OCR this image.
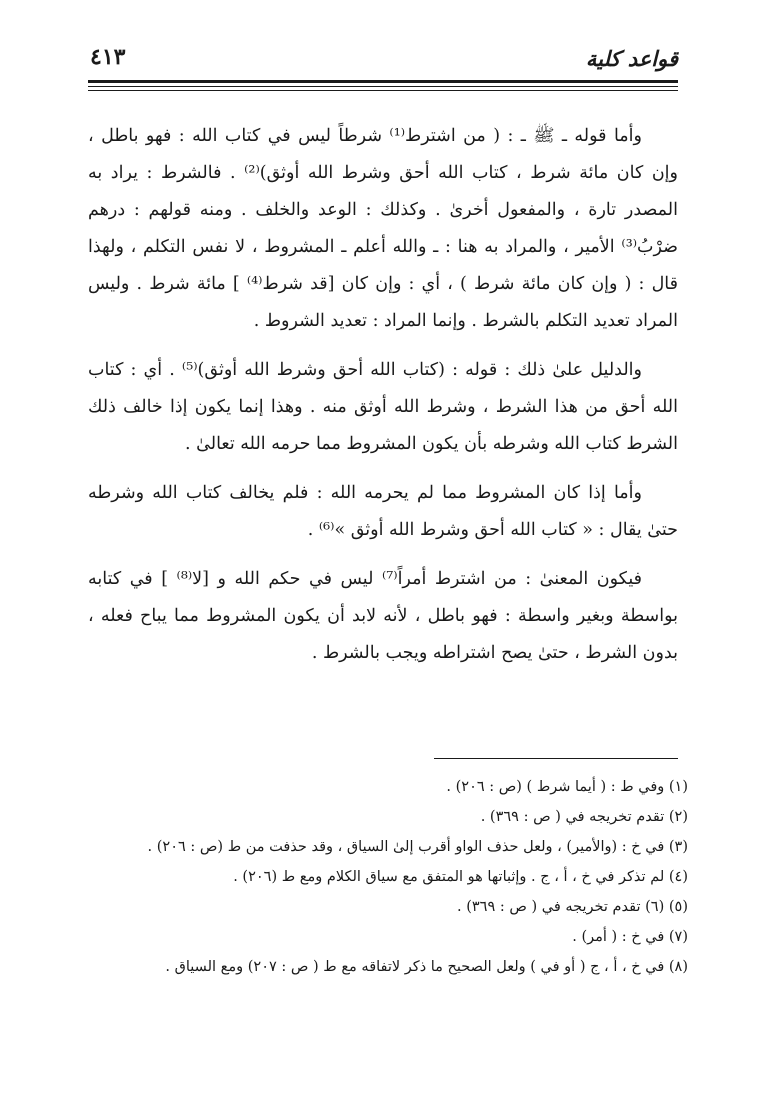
قواعد كلية
٤١٣

وأما قوله ـ ﷺ ـ : ( من اشترط⁽¹⁾ شرطاً ليس في كتاب الله : فهو باطل ، وإن كان مائة شرط ، كتاب الله أحق وشرط الله أوثق)⁽²⁾ . فالشرط : يراد به المصدر تارة ، والمفعول أخرىٰ . وكذلك : الوعد والخلف . ومنه قولهم : درهم ضرْبُ⁽³⁾ الأمير ، والمراد به هنا : ـ والله أعلم ـ المشروط ، لا نفس التكلم ، ولهذا قال : ( وإن كان مائة شرط ) ، أي : وإن كان [قد شرط⁽⁴⁾ ] مائة شرط . وليس المراد تعديد التكلم بالشرط . وإنما المراد : تعديد الشروط .

والدليل علىٰ ذلك : قوله : (كتاب الله أحق وشرط الله أوثق)⁽⁵⁾ . أي : كتاب الله أحق من هذا الشرط ، وشرط الله أوثق منه . وهذا إنما يكون إذا خالف ذلك الشرط كتاب الله وشرطه بأن يكون المشروط مما حرمه الله تعالىٰ .

وأما إذا كان المشروط مما لم يحرمه الله : فلم يخالف كتاب الله وشرطه حتىٰ يقال : « كتاب الله أحق وشرط الله أوثق »⁽⁶⁾ .

فيكون المعنىٰ : من اشترط أمراً⁽⁷⁾ ليس في حكم الله و [لا⁽⁸⁾ ] في كتابه بواسطة وبغير واسطة : فهو باطل ، لأنه لابد أن يكون المشروط مما يباح فعله ، بدون الشرط ، حتىٰ يصح اشتراطه ويجب بالشرط .

(١) وفي ط : ( أيما شرط ) (ص : ٢٠٦) .

(٢) تقدم تخريجه في ( ص : ٣٦٩) .

(٣) في خ : (والأمير) ، ولعل حذف الواو أقرب إلىٰ السياق ، وقد حذفت من ط (ص : ٢٠٦) .

(٤) لم تذكر في خ ، أ ، ج . وإثباتها هو المتفق مع سياق الكلام ومع ط (٢٠٦) .

(٥) (٦) تقدم تخريجه في ( ص : ٣٦٩) .

(٧) في خ : ( أمر) .

(٨) في خ ، أ ، ج ( أو في ) ولعل الصحيح ما ذكر لاتفاقه مع ط ( ص : ٢٠٧) ومع السياق .
